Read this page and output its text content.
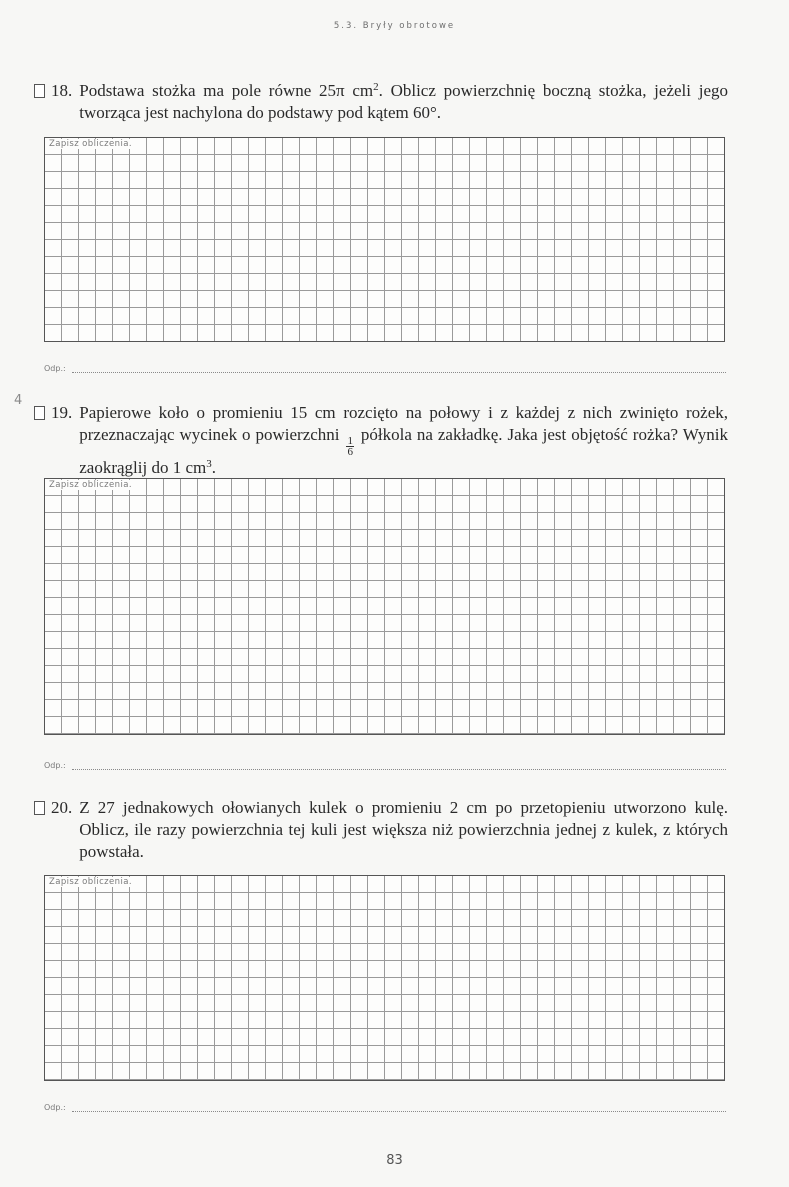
5.3. Bryły obrotowe
18. Podstawa stożka ma pole równe 25π $cm^2$. Oblicz powierzchnię boczną stożka, jeżeli jego tworząca jest nachylona do podstawy pod kątem 60°.
Zapisz obliczenia.
Odp.:
4
19. Papierowe koło o promieniu 15 cm rozcięto na połowy i z każdej z nich zwinięto rożek, przeznaczając wycinek o powierzchni
$\frac{1}{6}$
półkola na zakładkę. Jaka jest objętość rożka? Wynik zaokrąglij do 1 $cm^3$.
Zapisz obliczenia.
Odp.:
20. Z 27 jednakowych ołowianych kulek o promieniu 2 cm po przetopieniu utworzono kulę. Oblicz, ile razy powierzchnia tej kuli jest większa niż powierzchnia jednej z kulek, z których powstała.
Zapisz obliczenia.
Odp.:
83
